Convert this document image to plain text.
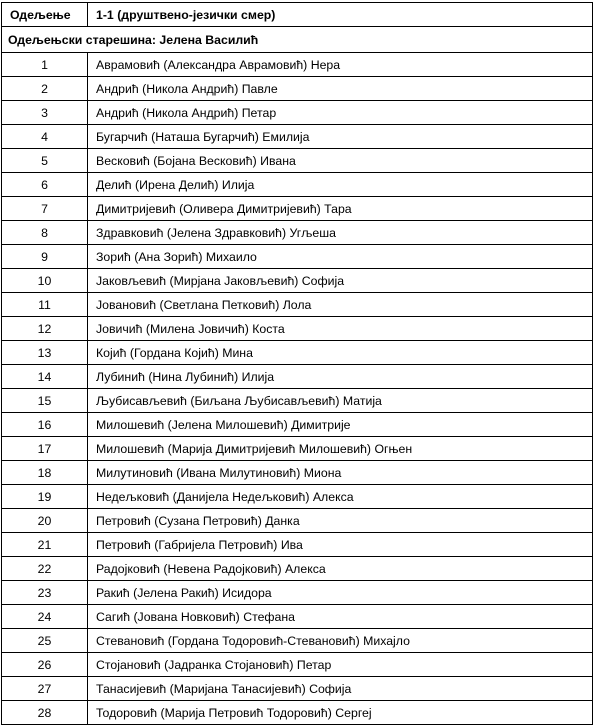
Одељење	1-1 (друштвено-језички смер)
Одељењски старешина: Јелена Василић	
1	Аврамовић (Александра Аврамовић) Нера
2	Андрић (Никола Андрић) Павле
3	Андрић (Никола Андрић) Петар
4	Бугарчић (Наташа Бугарчић) Емилија
5	Весковић (Бојана Весковић) Ивана
6	Делић (Ирена Делић) Илија
7	Димитријевић (Оливера Димитријевић) Тара
8	Здравковић (Јелена Здравковић) Угљеша
9	Зорић (Ана Зорић) Михаило
10	Јаковљевић (Мирјана Јаковљевић) Софија
11	Јовановић (Светлана Петковић) Лола
12	Јовичић (Милена Јовичић) Коста
13	Којић (Гордана Којић) Мина
14	Лубинић (Нина Лубинић) Илија
15	Љубисављевић (Биљана Љубисављевић) Матија
16	Милошевић (Јелена Милошевић) Димитрије
17	Милошевић (Марија Димитријевић Милошевић) Огњен
18	Милутиновић (Ивана Милутиновић) Миона
19	Недељковић (Данијела Недељковић) Алекса
20	Петровић (Сузана Петровић) Данка
21	Петровић (Габријела Петровић) Ива
22	Радојковић (Невена Радојковић) Алекса
23	Ракић (Јелена Ракић) Исидора
24	Сагић (Јована Новковић) Стефана
25	Стевановић (Гордана Тодоровић-Стевановић) Михајло
26	Стојановић (Јадранка Стојановић) Петар
27	Танасијевић (Маријана Танасијевић) Софија
28	Тодоровић (Марија Петровић Тодоровић) Сергеј
